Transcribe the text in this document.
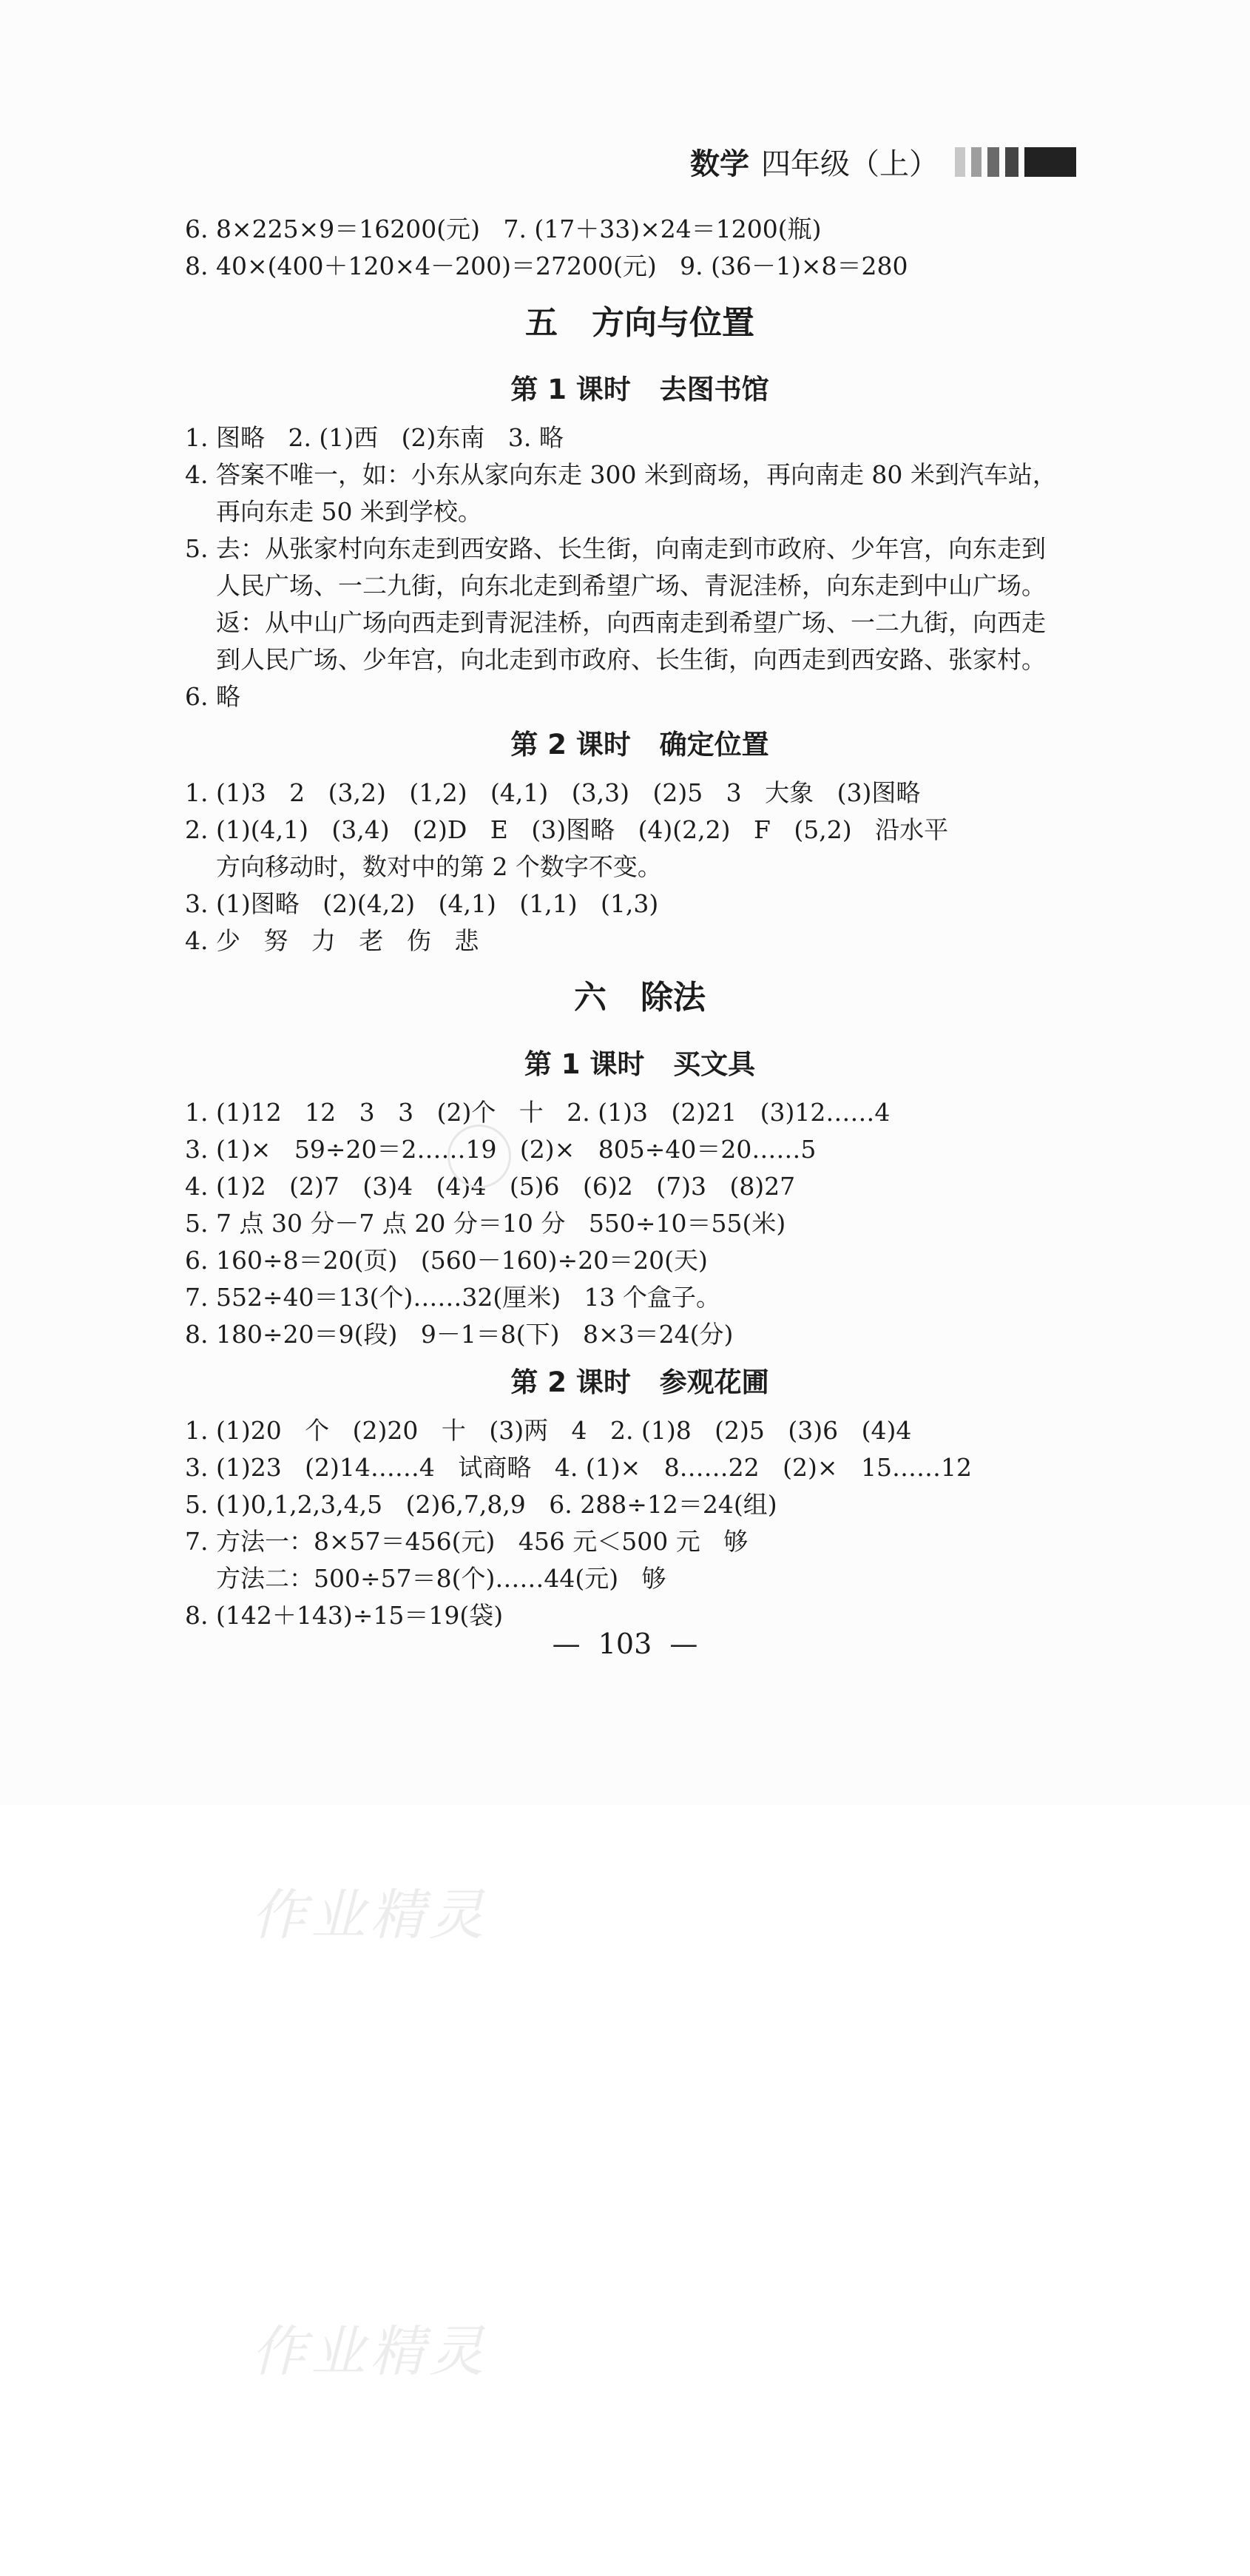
数学 四年级（上）
6. 8×225×9＝16200(元)   7. (17＋33)×24＝1200(瓶)
8. 40×(400＋120×4－200)＝27200(元)   9. (36－1)×8＝280
五   方向与位置
第 1 课时   去图书馆
1. 图略   2. (1)西   (2)东南   3. 略
4. 答案不唯一，如：小东从家向东走 300 米到商场，再向南走 80 米到汽车站，
再向东走 50 米到学校。
5. 去：从张家村向东走到西安路、长生街，向南走到市政府、少年宫，向东走到
人民广场、一二九街，向东北走到希望广场、青泥洼桥，向东走到中山广场。
返：从中山广场向西走到青泥洼桥，向西南走到希望广场、一二九街，向西走
到人民广场、少年宫，向北走到市政府、长生街，向西走到西安路、张家村。
6. 略
第 2 课时   确定位置
1. (1)3   2   (3,2)   (1,2)   (4,1)   (3,3)   (2)5   3   大象   (3)图略
2. (1)(4,1)   (3,4)   (2)D   E   (3)图略   (4)(2,2)   F   (5,2)   沿水平
方向移动时，数对中的第 2 个数字不变。
3. (1)图略   (2)(4,2)   (4,1)   (1,1)   (1,3)
4. 少   努   力   老   伤   悲
六   除法
第 1 课时   买文具
1. (1)12   12   3   3   (2)个   十   2. (1)3   (2)21   (3)12……4
3. (1)×   59÷20＝2……19   (2)×   805÷40＝20……5
4. (1)2   (2)7   (3)4   (4)4   (5)6   (6)2   (7)3   (8)27
5. 7 点 30 分－7 点 20 分＝10 分   550÷10＝55(米)
6. 160÷8＝20(页)   (560－160)÷20＝20(天)
7. 552÷40＝13(个)……32(厘米)   13 个盒子。
8. 180÷20＝9(段)   9－1＝8(下)   8×3＝24(分)
第 2 课时   参观花圃
1. (1)20   个   (2)20   十   (3)两   4   2. (1)8   (2)5   (3)6   (4)4
3. (1)23   (2)14……4   试商略   4. (1)×   8……22   (2)×   15……12
5. (1)0,1,2,3,4,5   (2)6,7,8,9   6. 288÷12＝24(组)
7. 方法一：8×57＝456(元)   456 元＜500 元   够
方法二：500÷57＝8(个)……44(元)   够
8. (142＋143)÷15＝19(袋)
—  103  —
作业精灵
作业精灵
